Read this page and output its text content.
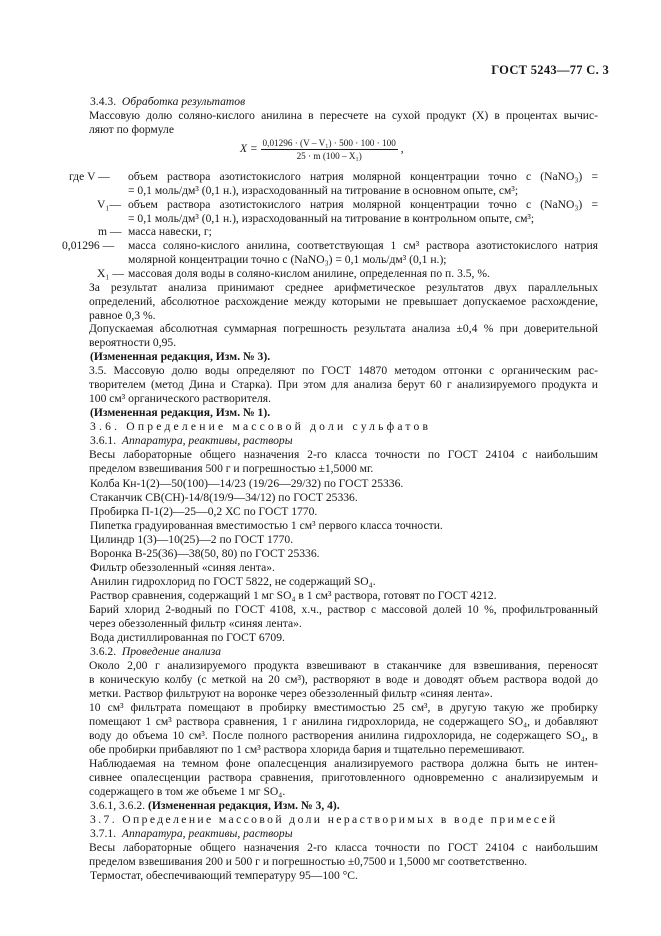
ГОСТ 5243—77 С. 3
3.4.3. Обработка результатов
Массовую долю соляно-кислого анилина в пересчете на сухой продукт (X) в процентах вычис-
ляют по формуле
$X = \frac{\text{0,01296 · (V – V₁) · 500 · 100 · 100}}{\text{25 · m (100 – X₁)}}$ ,
где V — объем раствора азотистокислого натрия молярной концентрации точно c (NaNO₃) =
= 0,1 моль/дм³ (0,1 н.), израсходованный на титрование в основном опыте, см³;
V₁— объем раствора азотистокислого натрия молярной концентрации точно c (NaNO₃) =
= 0,1 моль/дм³ (0,1 н.), израсходованный на титрование в контрольном опыте, см³;
m — масса навески, г;
0,01296 — масса соляно-кислого анилина, соответствующая 1 см³ раствора азотистокислого натрия
молярной концентрации точно c (NaNO₃) = 0,1 моль/дм³ (0,1 н.);
X₁ — массовая доля воды в соляно-кислом анилине, определенная по п. 3.5, %.
За результат анализа принимают среднее арифметическое результатов двух параллельных
определений, абсолютное расхождение между которыми не превышает допускаемое расхождение,
равное 0,3 %.
Допускаемая абсолютная суммарная погрешность результата анализа ±0,4 % при доверительной
вероятности 0,95.
(Измененная редакция, Изм. № 3).
3.5. Массовую долю воды определяют по ГОСТ 14870 методом отгонки с органическим рас-
творителем (метод Дина и Старка). При этом для анализа берут 60 г анализируемого продукта и
100 см³ органического растворителя.
(Измененная редакция, Изм. № 1).
3.6. Определение массовой доли сульфатов
3.6.1. Аппаратура, реактивы, растворы
Весы лабораторные общего назначения 2-го класса точности по ГОСТ 24104 с наибольшим
пределом взвешивания 500 г и погрешностью ±1,5000 мг.
Колба Кн-1(2)—50(100)—14/23 (19/26—29/32) по ГОСТ 25336.
Стаканчик СВ(СН)-14/8(19/9—34/12) по ГОСТ 25336.
Пробирка П-1(2)—25—0,2 ХС по ГОСТ 1770.
Пипетка градуированная вместимостью 1 см³ первого класса точности.
Цилиндр 1(3)—10(25)—2 по ГОСТ 1770.
Воронка В-25(36)—38(50, 80) по ГОСТ 25336.
Фильтр обеззоленный «синяя лента».
Анилин гидрохлорид по ГОСТ 5822, не содержащий SO₄.
Раствор сравнения, содержащий 1 мг SO₄ в 1 см³ раствора, готовят по ГОСТ 4212.
Барий хлорид 2-водный по ГОСТ 4108, х.ч., раствор с массовой долей 10 %, профильтрованный
через обеззоленный фильтр «синяя лента».
Вода дистиллированная по ГОСТ 6709.
3.6.2. Проведение анализа
Около 2,00 г анализируемого продукта взвешивают в стаканчике для взвешивания, переносят
в коническую колбу (с меткой на 20 см³), растворяют в воде и доводят объем раствора водой до
метки. Раствор фильтруют на воронке через обеззоленный фильтр «синяя лента».
10 см³ фильтрата помещают в пробирку вместимостью 25 см³, в другую такую же пробирку
помещают 1 см³ раствора сравнения, 1 г анилина гидрохлорида, не содержащего SO₄, и добавляют
воду до объема 10 см³. После полного растворения анилина гидрохлорида, не содержащего SO₄, в
обе пробирки прибавляют по 1 см³ раствора хлорида бария и тщательно перемешивают.
Наблюдаемая на темном фоне опалесценция анализируемого раствора должна быть не интен-
сивнее опалесценции раствора сравнения, приготовленного одновременно с анализируемым и
содержащего в том же объеме 1 мг SO₄.
3.6.1, 3.6.2. (Измененная редакция, Изм. № 3, 4).
3.7. Определение массовой доли нерастворимых в воде примесей
3.7.1. Аппаратура, реактивы, растворы
Весы лабораторные общего назначения 2-го класса точности по ГОСТ 24104 с наибольшим
пределом взвешивания 200 и 500 г и погрешностью ±0,7500 и 1,5000 мг соответственно.
Термостат, обеспечивающий температуру 95—100 °С.
